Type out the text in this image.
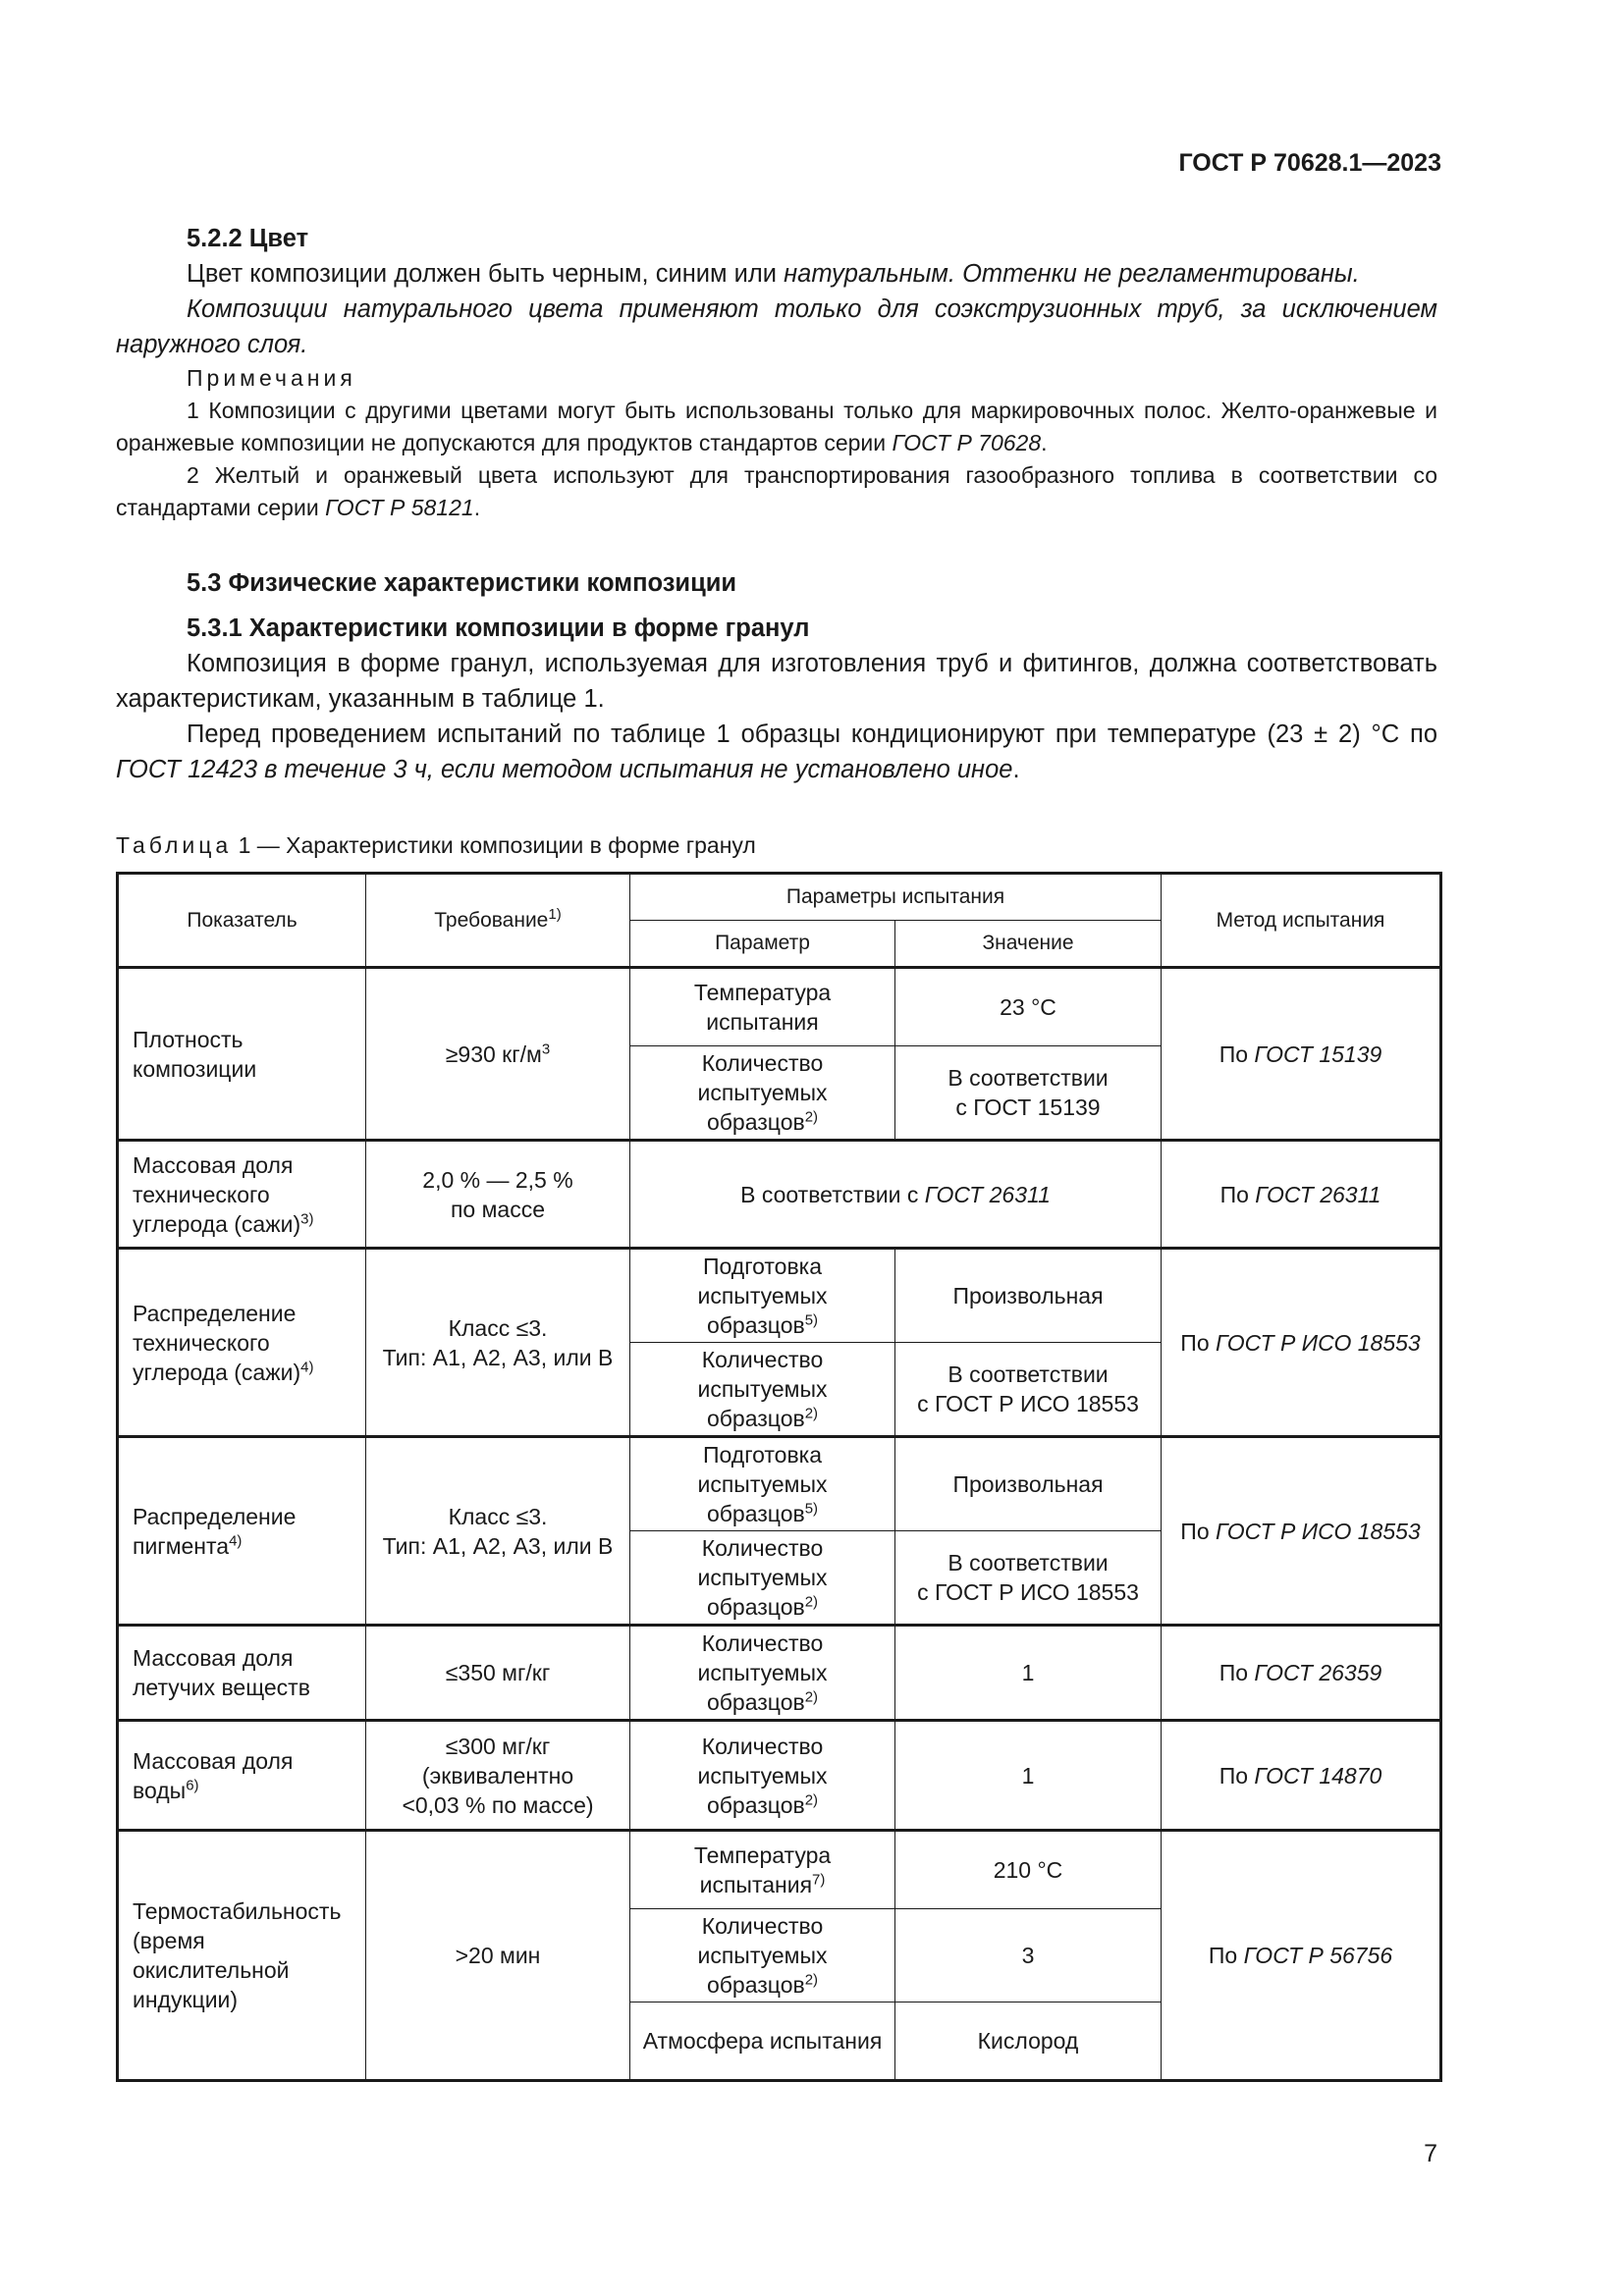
ГОСТ Р 70628.1—2023

5.2.2 Цвет

Цвет композиции должен быть черным, синим или натуральным. Оттенки не регламентированы.

Композиции натурального цвета применяют только для соэкструзионных труб, за исключением наружного слоя.

Примечания

1 Композиции с другими цветами могут быть использованы только для маркировочных полос. Желто-оранжевые и оранжевые композиции не допускаются для продуктов стандартов серии ГОСТ Р 70628.

2 Желтый и оранжевый цвета используют для транспортирования газообразного топлива в соответствии со стандартами серии ГОСТ Р 58121.

5.3 Физические характеристики композиции

5.3.1 Характеристики композиции в форме гранул

Композиция в форме гранул, используемая для изготовления труб и фитингов, должна соответствовать характеристикам, указанным в таблице 1.

Перед проведением испытаний по таблице 1 образцы кондиционируют при температуре (23 ± 2) °С по ГОСТ 12423 в течение 3 ч, если методом испытания не установлено иное.

Таблица 1 — Характеристики композиции в форме гранул
Показатель	Требование$^{1)}$	Параметры испытания		Метод испытания
		Параметр	Значение	
Плотность композиции	≥930 $кг/м^3$	Температура испытания	23 °С	По ГОСТ 15139
		Количество испытуемых образцов$^{2)}$	В соответствии
с ГОСТ 15139	
Массовая доля технического углерода (сажи)$^{3)}$	2,0 % — 2,5 %
по массе	В соответствии с ГОСТ 26311		По ГОСТ 26311
Распределение технического углерода (сажи)$^{4)}$	Класс ≤3.
Тип: А1, А2, А3, или В	Подготовка испытуемых образцов$^{5)}$	Произвольная	По ГОСТ Р ИСО 18553
		Количество испытуемых образцов$^{2)}$	В соответствии
с ГОСТ Р ИСО 18553	
Распределение пигмента$^{4)}$	Класс ≤3.
Тип: А1, А2, А3, или В	Подготовка испытуемых образцов$^{5)}$	Произвольная	По ГОСТ Р ИСО 18553
		Количество испытуемых образцов$^{2)}$	В соответствии
с ГОСТ Р ИСО 18553	
Массовая доля летучих веществ	≤350 мг/кг	Количество испытуемых образцов$^{2)}$	1	По ГОСТ 26359
Массовая доля воды$^{6)}$	≤300 мг/кг
(эквивалентно
<0,03 % по массе)	Количество испытуемых образцов$^{2)}$	1	По ГОСТ 14870
Термостабильность (время окислительной индукции)	>20 мин	Температура испытания$^{7)}$	210 °С	По ГОСТ Р 56756
		Количество испытуемых образцов$^{2)}$	3	
		Атмосфера испытания	Кислород	
7
